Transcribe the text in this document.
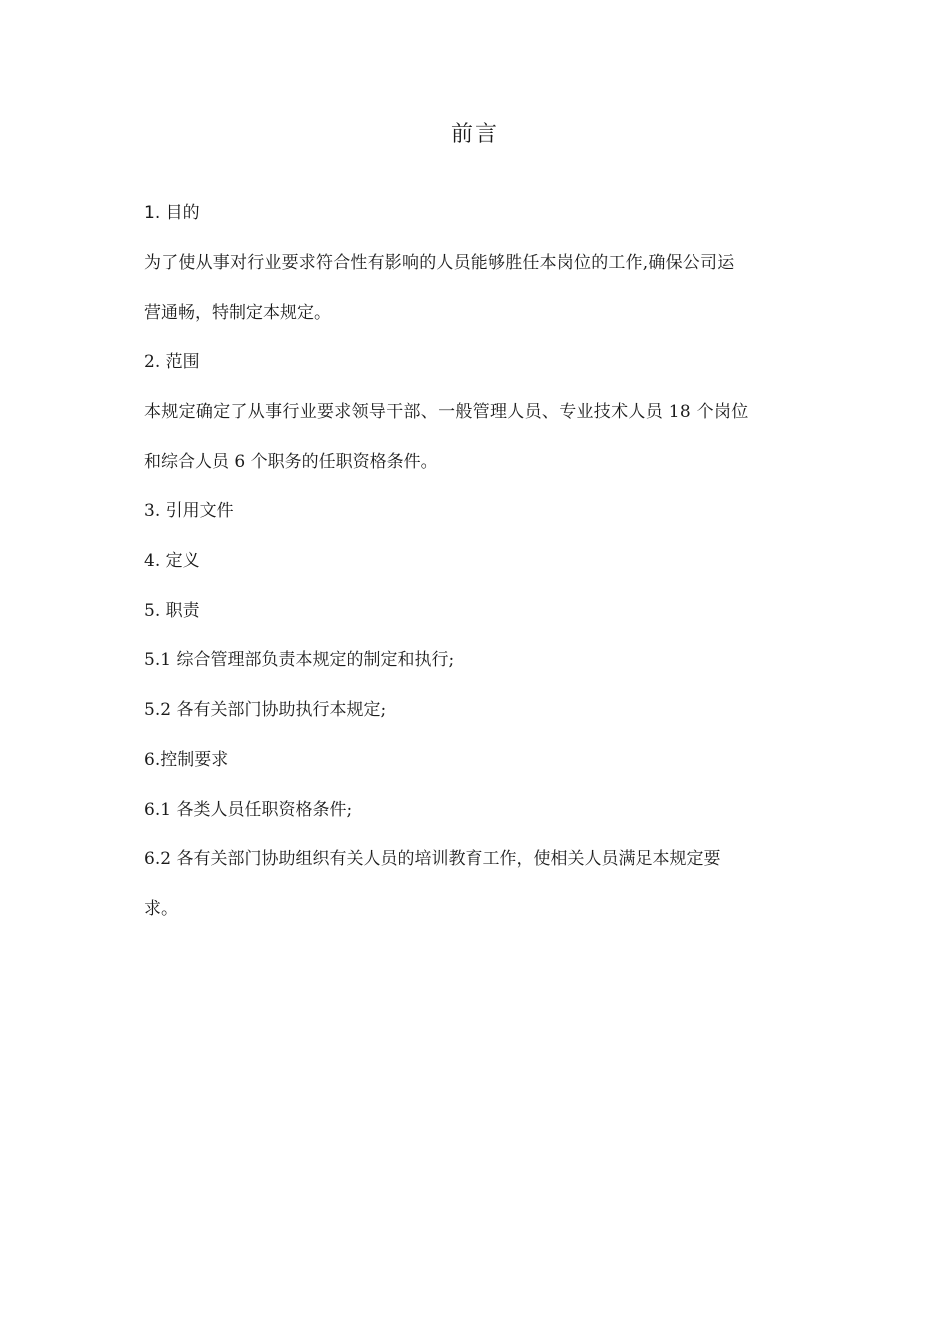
前言
1. 目的
为了使从事对行业要求符合性有影响的人员能够胜任本岗位的工作,确保公司运
营通畅，特制定本规定。
2. 范围
本规定确定了从事行业要求领导干部、一般管理人员、专业技术人员 18 个岗位
和综合人员 6 个职务的任职资格条件。
3. 引用文件
4. 定义
5. 职责
5.1 综合管理部负责本规定的制定和执行;
5.2 各有关部门协助执行本规定;
6.控制要求
6.1 各类人员任职资格条件;
6.2 各有关部门协助组织有关人员的培训教育工作，使相关人员满足本规定要
求。
